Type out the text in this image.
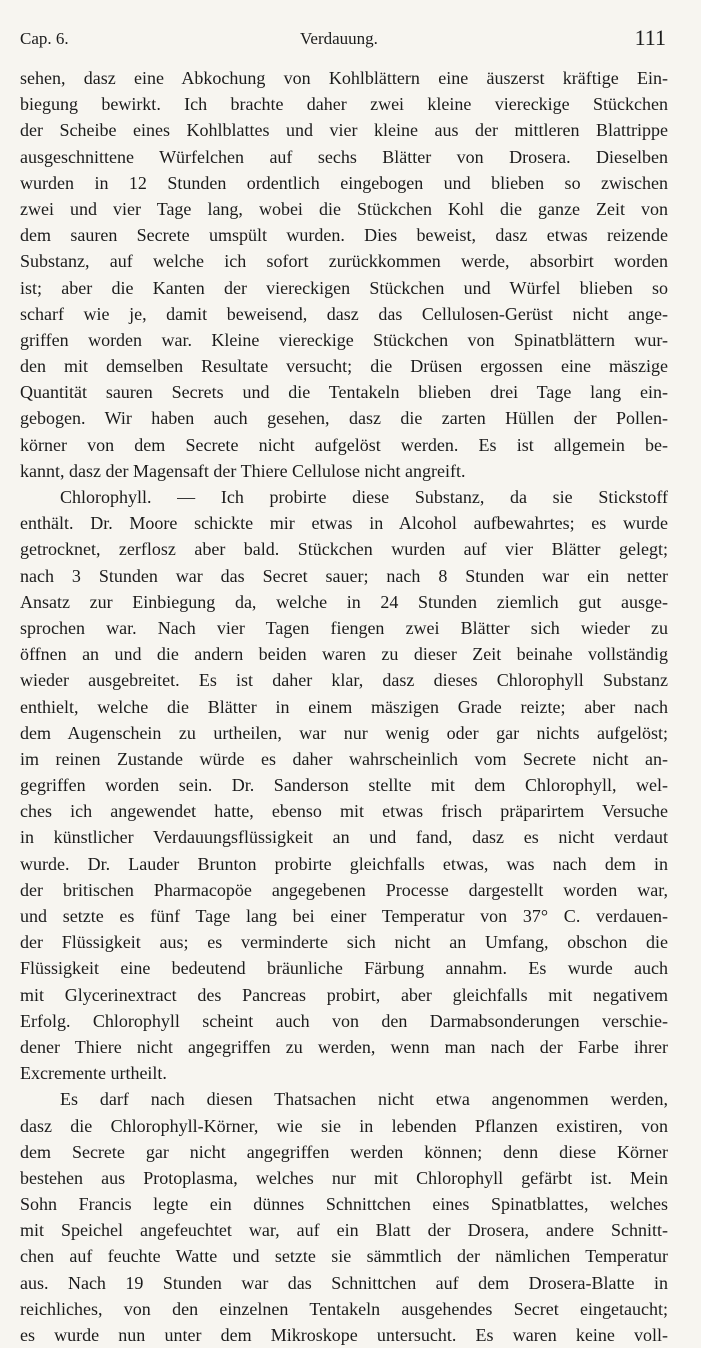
Cap. 6.	Verdauung.	111
sehen, dasz eine Abkochung von Kohlblättern eine äuszerst kräftige Ein-
biegung bewirkt. Ich brachte daher zwei kleine viereckige Stückchen
der Scheibe eines Kohlblattes und vier kleine aus der mittleren Blattrippe
ausgeschnittene Würfelchen auf sechs Blätter von Drosera. Dieselben
wurden in 12 Stunden ordentlich eingebogen und blieben so zwischen
zwei und vier Tage lang, wobei die Stückchen Kohl die ganze Zeit von
dem sauren Secrete umspült wurden. Dies beweist, dasz etwas reizende
Substanz, auf welche ich sofort zurückkommen werde, absorbirt worden
ist; aber die Kanten der viereckigen Stückchen und Würfel blieben so
scharf wie je, damit beweisend, dasz das Cellulosen-Gerüst nicht ange-
griffen worden war. Kleine viereckige Stückchen von Spinatblättern wur-
den mit demselben Resultate versucht; die Drüsen ergossen eine mäszige
Quantität sauren Secrets und die Tentakeln blieben drei Tage lang ein-
gebogen. Wir haben auch gesehen, dasz die zarten Hüllen der Pollen-
körner von dem Secrete nicht aufgelöst werden. Es ist allgemein be-
kannt, dasz der Magensaft der Thiere Cellulose nicht angreift.
Chlorophyll. — Ich probirte diese Substanz, da sie Stickstoff
enthält. Dr. Moore schickte mir etwas in Alcohol aufbewahrtes; es wurde
getrocknet, zerflosz aber bald. Stückchen wurden auf vier Blätter gelegt;
nach 3 Stunden war das Secret sauer; nach 8 Stunden war ein netter
Ansatz zur Einbiegung da, welche in 24 Stunden ziemlich gut ausge-
sprochen war. Nach vier Tagen fiengen zwei Blätter sich wieder zu
öffnen an und die andern beiden waren zu dieser Zeit beinahe vollständig
wieder ausgebreitet. Es ist daher klar, dasz dieses Chlorophyll Substanz
enthielt, welche die Blätter in einem mäszigen Grade reizte; aber nach
dem Augenschein zu urtheilen, war nur wenig oder gar nichts aufgelöst;
im reinen Zustande würde es daher wahrscheinlich vom Secrete nicht an-
gegriffen worden sein. Dr. Sanderson stellte mit dem Chlorophyll, wel-
ches ich angewendet hatte, ebenso mit etwas frisch präparirtem Versuche
in künstlicher Verdauungsflüssigkeit an und fand, dasz es nicht verdaut
wurde. Dr. Lauder Brunton probirte gleichfalls etwas, was nach dem in
der britischen Pharmacopöe angegebenen Processe dargestellt worden war,
und setzte es fünf Tage lang bei einer Temperatur von 37° C. verdauen-
der Flüssigkeit aus; es verminderte sich nicht an Umfang, obschon die
Flüssigkeit eine bedeutend bräunliche Färbung annahm. Es wurde auch
mit Glycerinextract des Pancreas probirt, aber gleichfalls mit negativem
Erfolg. Chlorophyll scheint auch von den Darmabsonderungen verschie-
dener Thiere nicht angegriffen zu werden, wenn man nach der Farbe ihrer
Excremente urtheilt.
Es darf nach diesen Thatsachen nicht etwa angenommen werden,
dasz die Chlorophyll-Körner, wie sie in lebenden Pflanzen existiren, von
dem Secrete gar nicht angegriffen werden können; denn diese Körner
bestehen aus Protoplasma, welches nur mit Chlorophyll gefärbt ist. Mein
Sohn Francis legte ein dünnes Schnittchen eines Spinatblattes, welches
mit Speichel angefeuchtet war, auf ein Blatt der Drosera, andere Schnitt-
chen auf feuchte Watte und setzte sie sämmtlich der nämlichen Temperatur
aus. Nach 19 Stunden war das Schnittchen auf dem Drosera-Blatte in
reichliches, von den einzelnen Tentakeln ausgehendes Secret eingetaucht;
es wurde nun unter dem Mikroskope untersucht. Es waren keine voll-
